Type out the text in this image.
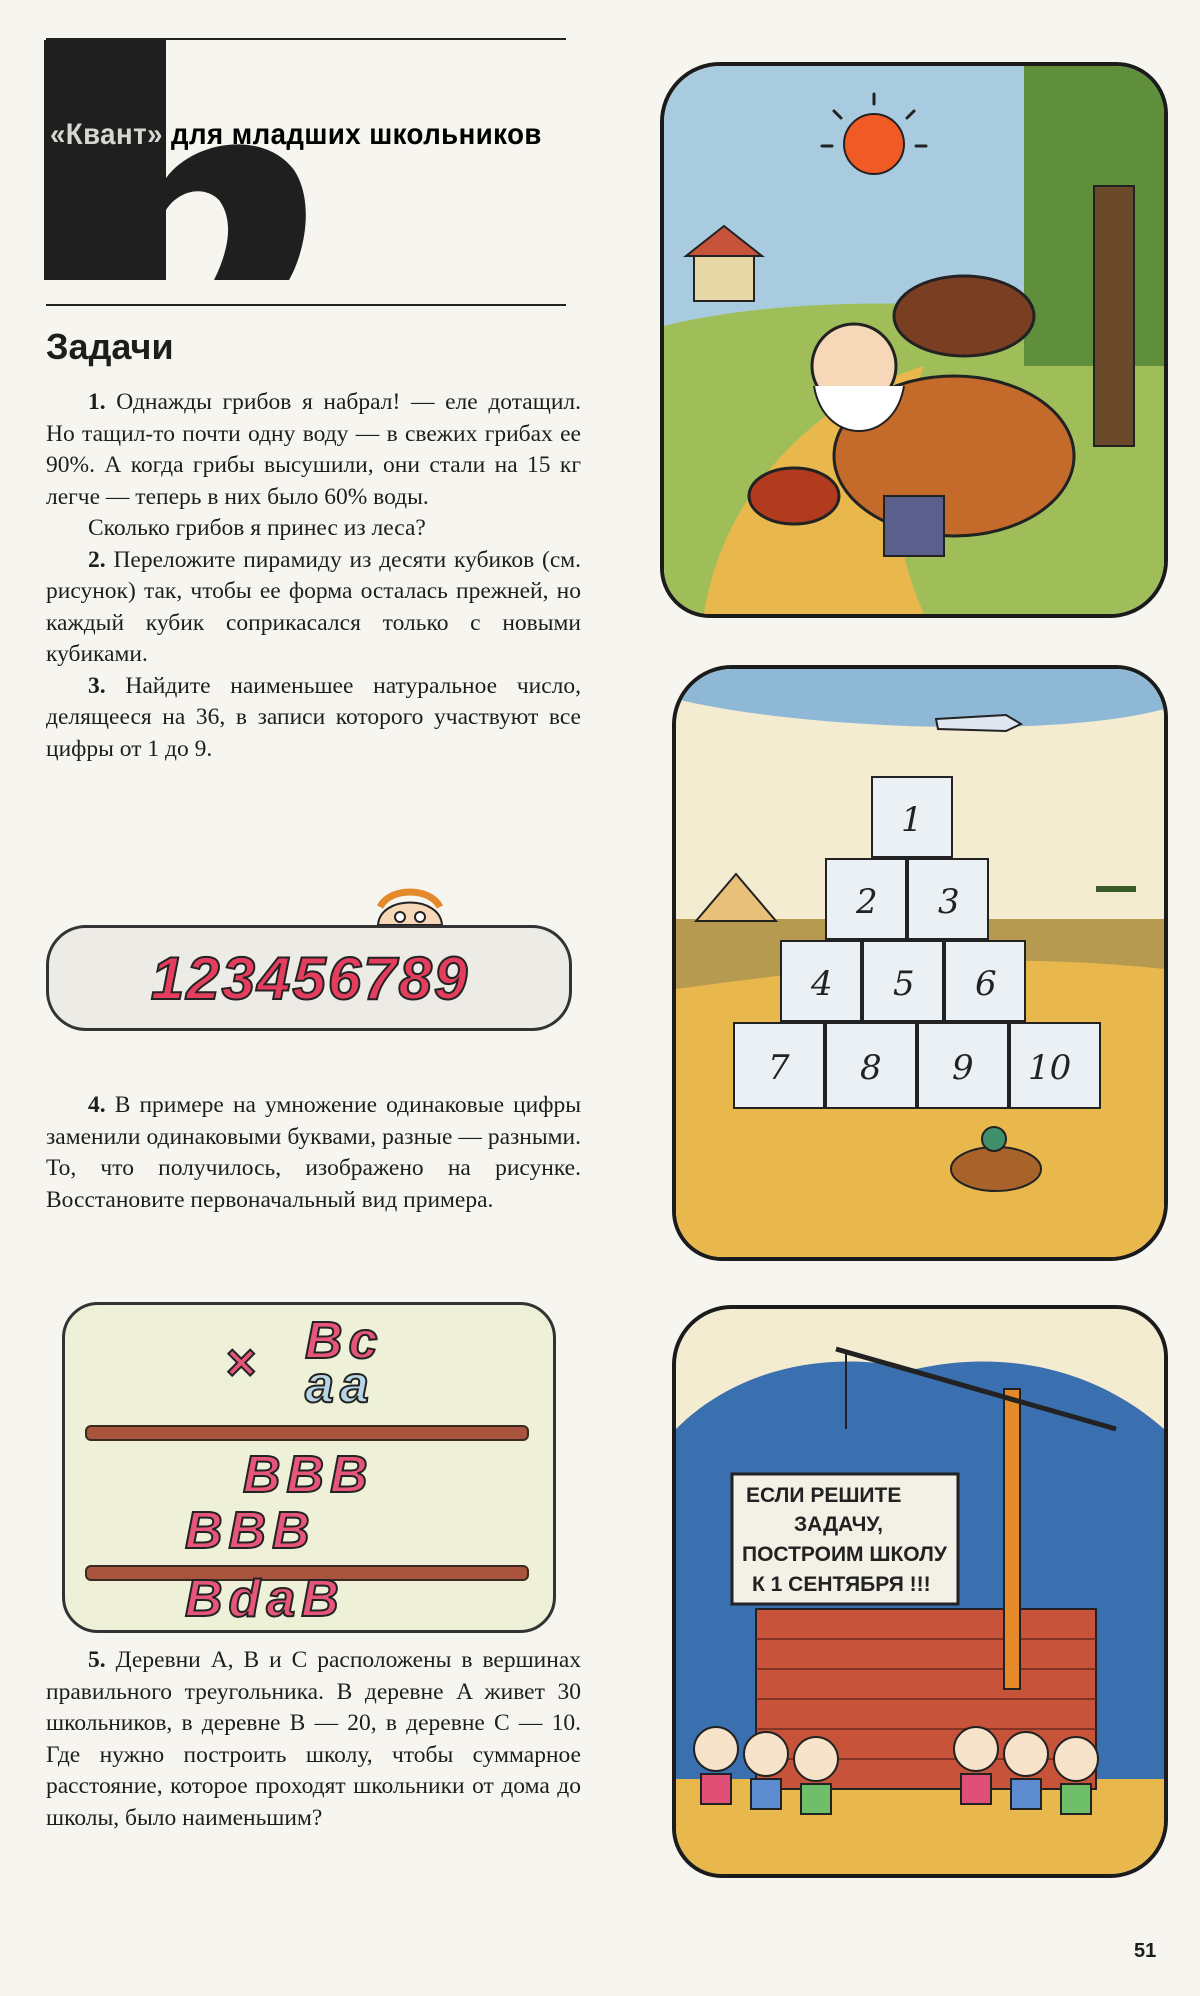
«Квант» для младших школьников
Задачи

1. Однажды грибов я набрал! — еле дотащил. Но тащил-то почти одну воду — в свежих грибах ее 90%. А когда грибы высушили, они стали на 15 кг легче — теперь в них было 60% воды.

Сколько грибов я принес из леса?

2. Переложите пирамиду из десяти кубиков (см. рисунок) так, чтобы ее форма осталась прежней, но каждый кубик соприкасался только с новыми кубиками.

3. Найдите наименьшее натуральное число, делящееся на 36, в записи которого участвуют все цифры от 1 до 9.

1 2 3 4 5 6 7 8 9

4. В примере на умножение одинаковые цифры заменили одинаковыми буквами, разные — разными. То, что получилось, изображено на рисунке. Восстановите первоначальный вид примера.

× Bc
aa
BBB
BBB
BdaB

5. Деревни A, B и C расположены в вершинах правильного треугольника. В деревне A живет 30 школьников, в деревне B — 20, в деревне C — 10. Где нужно построить школу, чтобы суммарное расстояние, которое проходят школьники от дома до школы, было наименьшим?

1
2 3
4 5 6
7 8 9 10
ЕСЛИ РЕШИТЕ
ЗАДАЧУ,
ПОСТРОИМ ШКОЛУ
К 1 СЕНТЯБРЯ !!!
51
